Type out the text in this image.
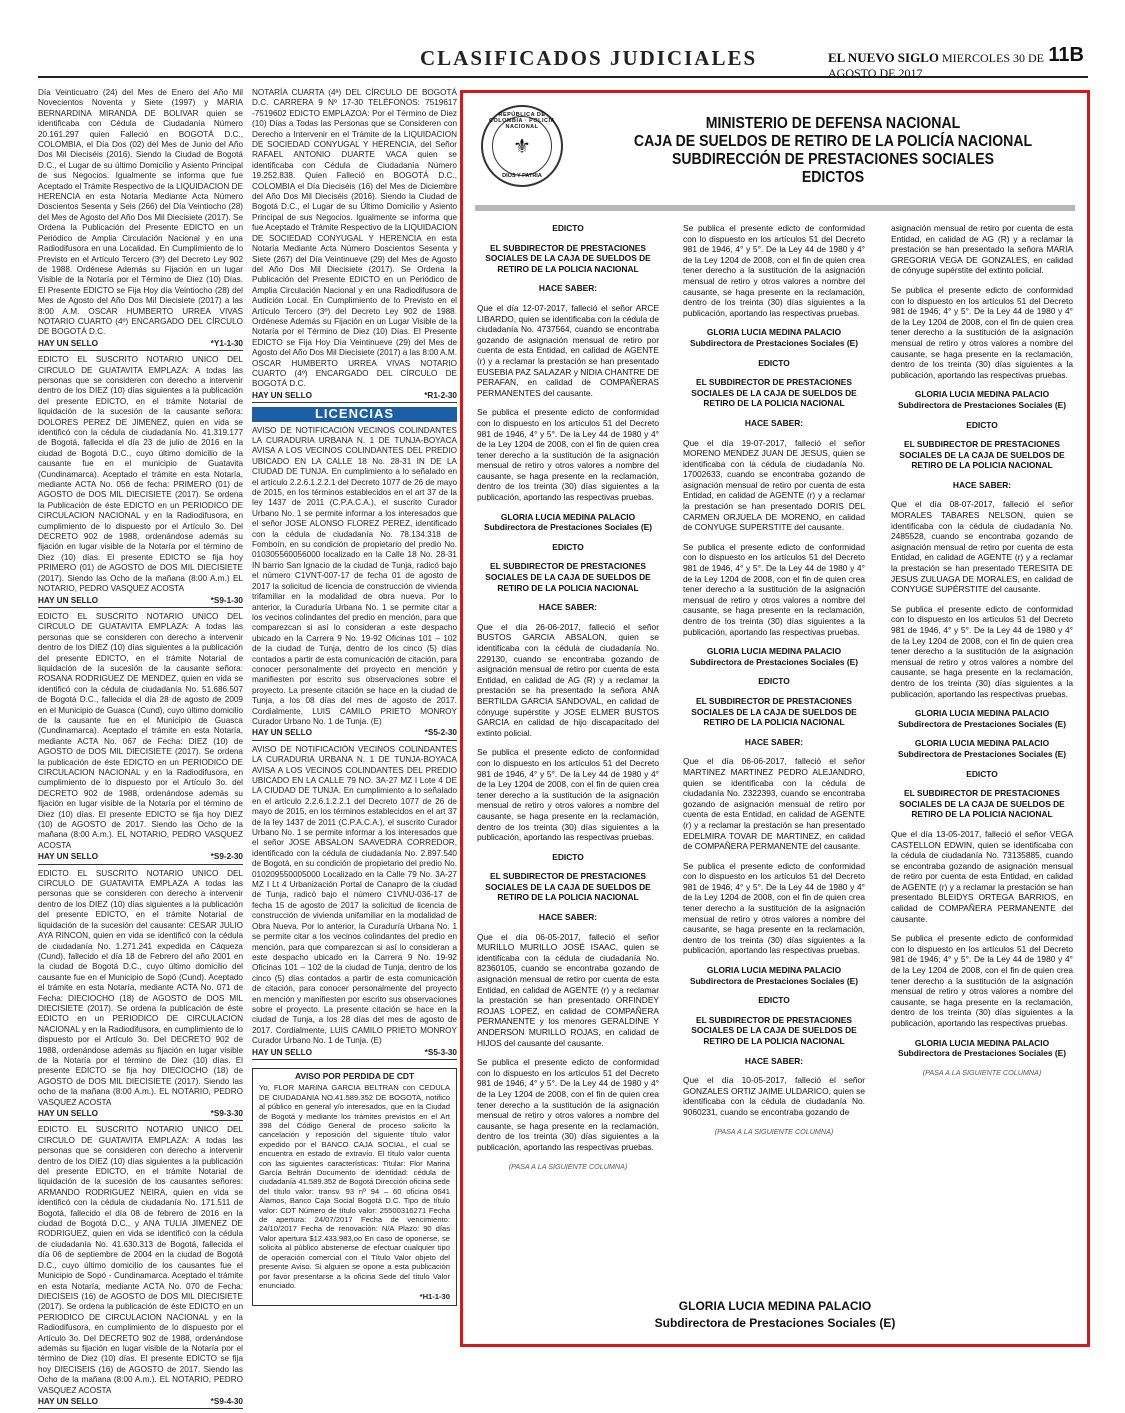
CLASIFICADOS JUDICIALES	EL NUEVO SIGLO MIERCOLES 30 DE AGOSTO DE 2017
11B
Día Veinticuatro (24) del Mes de Enero del Año Mil Novecientos Noventa y Siete (1997) y MARIA BERNARDINA MIRANDA DE BOLIVAR quien se identificaba con Cédula de Ciudadanía Número 20.161.297 quien Falleció en BOGOTÁ D.C., COLOMBIA, el Día Dos (02) del Mes de Junio del Año Dos Mil Dieciséis (2016). Siendo la Ciudad de Bogotá D.C., el Lugar de su último Domicilio y Asiento Principal de sus Negocios. Igualmente se informa que fue Aceptado el Trámite Respectivo de la LIQUIDACION DE HERENCIA en esta Notaría Mediante Acta Número Doscientos Sesenta y Seis (266) del Día Veintiocho (28) del Mes de Agosto del Año Dos Mil Diecisiete (2017). Se Ordena la Publicación del Presente EDICTO en un Periódico de Amplia Circulación Nacional y en una Radiodifusora en una Localidad. En Cumplimiento de lo Previsto en el Artículo Tercero (3º) del Decreto Ley 902 de 1988. Ordénese Además su Fijación en un lugar Visible de la Notaría por el Término de Diez (10) Días. El Presente EDICTO se Fija Hoy día Veintiocho (28) del Mes de Agosto del Año Dos Mil Diecisiete (2017) a las 8:00 A.M. OSCAR HUMBERTO URREA VIVAS NOTARIO CUARTO (4º) ENCARGADO DEL CÍRCULO DE BOGOTÁ D.C.
HAY UN SELLO	*Y1-1-30
EDICTO EL SUSCRITO NOTARIO UNICO DEL CIRCULO DE GUATAVITA EMPLAZA: A todas las personas que se consideren con derecho a intervenir dentro de los DIEZ (10) días siguientes a la publicación del presente EDICTO, en el trámite Notarial de liquidación de la sucesión de la causante señora: DOLORES PEREZ DE JIMENEZ, quien en vida se identificó con la cédula de ciudadanía No. 41.319.177 de Bogotá, fallecida el día 23 de julio de 2016 en la ciudad de Bogotá D.C., cuyo último domicilio de la causante fue en el municipio de Guatavita (Cundinamarca). Aceptado el trámite en esta Notaría, mediante ACTA No. 056 de fecha: PRIMERO (01) de AGOSTO de DOS MIL DIECISIETE (2017). Se ordena la Publicación de éste EDICTO en un PERIODICO DE CIRCULACION NACIONAL y en la Radiodifusora, en cumplimiento de lo dispuesto por el Artículo 3o. Del DECRETO 902 de 1988, ordenándose además su fijación en lugar visible de la Notaría por el término de Diez (10) días. El presente EDICTO se fija hoy PRIMERO (01) de AGOSTO de DOS MIL DIECISIETE (2017). Siendo las Ocho de la mañana (8:00 A.m.) EL NOTARIO, PEDRO VASQUEZ ACOSTA
HAY UN SELLO	*S9-1-30
EDICTO EL SUSCRITO NOTARIO UNICO DEL CIRCULO DE GUATAVITA EMPLAZA: A todas las personas que se consideren con derecho a intervenir dentro de los DIEZ (10) días siguientes a la publicación del presente EDICTO, en el trámite Notarial de liquidación de la sucesión de la causante señora: ROSANA RODRIGUEZ DE MENDEZ, quien en vida se identificó con la cédula de ciudadanía No. 51.686.507 de Bogotá D.C., fallecida el día 28 de agosto de 2009 en el Municipio de Guasca (Cund), cuyo último domicilio de la causante fue en el Municipio de Guasca (Cundinamarca). Aceptado el trámite en esta Notaría, mediante ACTA No. 067 de Fecha: DIEZ (10) de AGOSTO de DOS MIL DIECISIETE (2017). Se ordena la publicación de éste EDICTO en un PERIODICO DE CIRCULACION NACIONAL y en la Radiodifusora, en cumplimiento de lo dispuesto por el Artículo 3o. del DECRETO 902 de 1988, ordenándose además su fijación en lugar visible de la Notaría por el término de Diez (10) días. El presente EDICTO se fija hoy DIEZ (10) de AGOSTO de 2017. Siendo las Ocho de la mañana (8:00 A.m.). EL NOTARIO, PEDRO VASQUEZ ACOSTA
HAY UN SELLO	*S9-2-30
EDICTO EL SUSCRITO NOTARIO UNICO DEL CIRCULO DE GUATAVITA EMPLAZA A todas las personas que se consideren con derecho a intervenir dentro de los DIEZ (10) días siguientes a la publicación del presente EDICTO, en el trámite Notarial de liquidación de la sucesión del causante: CESAR JULIO AYA RINCON, quien en vida se identificó con la cédula de ciudadanía No. 1.271.241 expedida en Cáqueza (Cund), fallecido el día 18 de Febrero del año 2001 en la ciudad de Bogotá D.C., cuyo último domicilio del causante fue en el Municipio de Sopó (Cund). Aceptado el trámite en esta Notaría, mediante ACTA No. 071 de Fecha: DIECIOCHO (18) de AGOSTO de DOS MIL DIECISIETE (2017). Se ordena la publicación de éste EDICTO en un PERIODICO DE CIRCULACION NACIONAL y en la Radiodifusora, en cumplimiento de lo dispuesto por el Artículo 3o. Del DECRETO 902 de 1988, ordenándose además su fijación en lugar visible de la Notaría por el término de Diez (10) días. El presente EDICTO se fija hoy DIECIOCHO (18) de AGOSTO de DOS MIL DIECISIETE (2017). Siendo las ocho de la mañana (8:00 A.m.). EL NOTARIO, PEDRO VASQUEZ ACOSTA
HAY UN SELLO	*S9-3-30
EDICTO EL SUSCRITO NOTARIO UNICO DEL CIRCULO DE GUATAVITA EMPLAZA: A todas las personas que se consideren con derecho a intervenir dentro de los DIEZ (10) días siguientes a la publicación del presente EDICTO, en el trámite Notarial de liquidación de la sucesión de los causantes señores: ARMANDO RODRIGUEZ NEIRA, quien en vida se identificó con la cédula de ciudadanía No. 171.511 de Bogotá, fallecido el día 08 de febrero de 2016 en la ciudad de Bogotá D.C., y ANA TULIA JIMENEZ DE RODRIGUEZ, quien en vida se identificó con la cédula de ciudadanía No. 41.630.313 de Bogotá, fallecida el día 06 de septiembre de 2004 en la ciudad de Bogotá D.C., cuyo último domicilio de los causantes fue el Municipio de Sopó - Cundinamarca. Aceptado el trámite en esta Notaría, mediante ACTA No. 070 de Fecha: DIECISEIS (16) de AGOSTO de DOS MIL DIECISIETE (2017). Se ordena la publicación de éste EDICTO en un PERIODICO DE CIRCULACION NACIONAL y en la Radiodifusora, en cumplimiento de lo dispuesto por el Artículo 3o. Del DECRETO 902 de 1988, ordenándose además su fijación en lugar visible de la Notaría por el término de Diez (10) días. El presente EDICTO se fija hoy DIECISEIS (16) de AGOSTO de 2017. Siendo las Ocho de la mañana (8:00 A.m.). EL NOTARIO, PEDRO VASQUEZ ACOSTA
HAY UN SELLO	*S9-4-30
NOTARÍA CUARTA (4ª) DEL CÍRCULO DE BOGOTÁ D.C. CARRERA 9 Nº 17-30 TELÉFONOS: 7519617 -7519602 EDICTO EMPLAZOA: Por el Término de Diez (10) Días a Todas las Personas que se Consideren con Derecho a Intervenir en el Trámite de la LIQUIDACION DE SOCIEDAD CONYUGAL Y HERENCIA, del Señor RAFAEL ANTONIO DUARTE VACA quien se identificaba con Cédula de Ciudadanía Número 19.252.838. Quien Falleció en BOGOTÁ D.C., COLOMBIA el Día Dieciséis (16) del Mes de Diciembre del Año Dos Mil Dieciséis (2016). Siendo la Ciudad de Bogotá D.C., el Lugar de su Último Domicilio y Asiento Principal de sus Negocios. Igualmente se informa que fue Aceptado el Trámite Respectivo de la LIQUIDACION DE SOCIEDAD CONYUGAL Y HERENCIA en esta Notaría Mediante Acta Número Doscientos Sesenta y Siete (267) del Día Veintinueve (29) del Mes de Agosto del Año Dos Mil Diecisiete (2017). Se Ordena la Publicación del Presente EDICTO en un Periódico de Amplia Circulación Nacional y en una Radiodifusora de Audición Local. En Cumplimiento de lo Previsto en el Artículo Tercero (3º) del Decreto Ley 902 de 1988. Ordénese Además su Fijación en un Lugar Visible de la Notaría por el Término de Diez (10) Días. El Presente EDICTO se Fija Hoy Día Veintinueve (29) del Mes de Agosto del Año Dos Mil Diecisiete (2017) a las 8:00 A.M. OSCAR HUMBERTO URREA VIVAS NOTARIO CUARTO (4º) ENCARGADO DEL CÍRCULO DE BOGOTÁ D.C.
HAY UN SELLO	*R1-2-30
LICENCIAS
AVISO DE NOTIFICACIÓN VECINOS COLINDANTES LA CURADURIA URBANA N. 1 DE TUNJA-BOYACA AVISA A LOS VECINOS COLINDANTES DEL PREDIO UBICADO EN LA CALLE 18 No. 28-31 IN DE LA CIUDAD DE TUNJA. En cumplimiento a lo señalado en el artículo 2.2.6.1.2.2.1 del Decreto 1077 de 26 de mayo de 2015, en los términos establecidos en el art 37 de la ley 1437 de 2011 (C.P.A.C.A.), el suscrito Curador Urbano No. 1 se permite informar a los interesados que el señor JOSE ALONSO FLOREZ PEREZ, identificado con la cédula de ciudadanía No. 78.134.318 de Fomboín, en su condición de propietario del predio No. 010305560056000 localizado en la Calle 18 No. 28-31 IN barrio San Ignacio de la ciudad de Tunja, radicó bajo el número C1VNT-007-17 de fecha 01 de agosto de 2017 la solicitud de licencia de construcción de vivienda trifamiliar en la modalidad de obra nueva. Por lo anterior, la Curaduría Urbana No. 1 se permite citar a los vecinos colindantes del predio en mención, para que comparezcan si así lo consideran a este despacho ubicado en la Carrera 9 No. 19-92 Oficinas 101 – 102 de la ciudad de Tunja, dentro de los cinco (5) días contados a partir de esta comunicación de citación, para conocer personalmente del proyecto en mención y manifiesten por escrito sus observaciones sobre el proyecto. La presente citación se hace en la ciudad de Tunja, a los 08 días del mes de agosto de 2017. Cordialmente, LUIS CAMILO PRIETO MONROY Curador Urbano No. 1 de Tunja. (E)
HAY UN SELLO	*S5-2-30
AVISO DE NOTIFICACIÓN VECINOS COLINDANTES LA CURADURIA URBANA N. 1 DE TUNJA-BOYACA AVISA A LOS VECINOS COLINDANTES DEL PREDIO UBICADO EN LA CALLE 79 NO. 3A-27 MZ I Lote 4 DE LA CIUDAD DE TUNJA. En cumplimiento a lo señalado en el artículo 2.2.6.1.2.2.1 del Decreto 1077 de 26 de mayo de 2015, en los términos establecidos en el art 37 de la ley 1437 de 2011 (C.P.A.C.A.), el suscrito Curador Urbano No. 1 se permite informar a los interesados que el señor JOSE ABSALON SAAVEDRA CORREDOR, identificado con la cédula de ciudadanía No. 2.897.540 de Bogotá, en su condición de propietario del predio No. 010209550005000 Localizado en la Calle 79 No. 3A-27 MZ I Lt 4 Urbanización Portal de Canapro de la ciudad de Tunja, radicó bajo el número C1VNU-036-17 de fecha 15 de agosto de 2017 la solicitud de licencia de construcción de vivienda unifamiliar en la modalidad de Obra Nueva. Por lo anterior, la Curaduría Urbana No. 1 se permite citar a los vecinos colindantes del predio en mención, para que comparezcan si así lo consideran a este despacho ubicado en la Carrera 9 No. 19-92 Oficinas 101 – 102 de la ciudad de Tunja, dentro de los cinco (5) días contados a partir de esta comunicación de citación, para conocer personalmente del proyecto en mención y manifiesten por escrito sus observaciones sobre el proyecto. La presente citación se hace en la ciudad de Tunja, a los 28 días del mes de agosto de 2017. Cordialmente, LUIS CAMILO PRIETO MONROY Curador Urbano No. 1 de Tunja. (E)
HAY UN SELLO	*S5-3-30
AVISO POR PERDIDA DE CDT
Yo, FLOR MARINA GARCIA BELTRAN con CEDULA DE CIUDADANIA NO.41.589.352 DE BOGOTA, notifico al público en general y/o interesados, que en la Ciudad de Bogotá y mediante los trámites previstos en el Art 398 del Código General de proceso solicito la cancelación y reposición del siguiente título valor expedido por el BANCO CAJA SOCIAL, el cual se encuentra en estado de extravío. El título valor cuenta con las siguientes características: Titular: Flor Marina García Beltrán Documento de identidad: cédula de ciudadanía 41.589.352 de Bogotá Dirección oficina sede del título valor: transv. 93 nº 94 – 60 oficina 0641 Álamos, Banco Caja Social Bogotá D.C. Tipo de título valor: CDT Número de título valor: 25500316271 Fecha de apertura: 24/07/2017 Fecha de vencimiento: 24/10/2017 Fecha de renovación: N/A Plazo: 90 días Valor apertura $12.433.983,oo En caso de oponerse, se solicita al público abstenerse de efectuar cualquier tipo de operación comercial con el Título Valor objeto del presente Aviso. Si alguien se opone a esta publicación por favor presentarse a la oficina Sede del título Valor enunciado.
*H1-1-30
REPÚBLICA DE COLOMBIA · POLICÍA NACIONAL
⚜
DIOS Y PATRIA
MINISTERIO DE DEFENSA NACIONAL
CAJA DE SUELDOS DE RETIRO DE LA POLICÍA NACIONAL
SUBDIRECCIÓN DE PRESTACIONES SOCIALES
EDICTOS
EDICTO
EL SUBDIRECTOR DE PRESTACIONES SOCIALES DE LA CAJA DE SUELDOS DE RETIRO DE LA POLICIA NACIONAL
HACE SABER:

Que el día 12-07-2017, falleció el señor ARCE LIBARDO, quien se identificaba con la cédula de ciudadanía No. 4737564, cuando se encontraba gozando de asignación mensual de retiro por cuenta de esta Entidad, en calidad de AGENTE (r) y a reclamar la prestación se han presentado EUSEBIA PAZ SALAZAR y NIDIA CHANTRE DE PERAFAN, en calidad de COMPAÑERAS PERMANENTES del causante.

Se publica el presente edicto de conformidad con lo dispuesto en los artículos 51 del Decreto 981 de 1946, 4° y 5°. De la Ley 44 de 1980 y 4° de la Ley 1204 de 2008, con el fin de quien crea tener derecho a la sustitución de la asignación mensual de retiro y otros valores a nombre del causante, se haga presente en la reclamación, dentro de los treinta (30) días siguientes a la publicación, aportando las respectivas pruebas.

GLORIA LUCIA MEDINA PALACIO
Subdirectora de Prestaciones Sociales (E)
EDICTO
EL SUBDIRECTOR DE PRESTACIONES SOCIALES DE LA CAJA DE SUELDOS DE RETIRO DE LA POLICIA NACIONAL
HACE SABER:

Que el día 26-06-2017, falleció el señor BUSTOS GARCIA ABSALON, quien se identificaba con la cédula de ciudadanía No. 229130, cuando se encontraba gozando de asignación mensual de retiro por cuenta de esta Entidad, en calidad de AG (R) y a reclamar la prestación se ha presentado la señora ANA BERTILDA GARCIA SANDOVAL, en calidad de cónyuge supérstite y JOSE ELMER BUSTOS GARCIA en calidad de hijo discapacitado del extinto policial.

Se publica el presente edicto de conformidad con lo dispuesto en los artículos 51 del Decreto 981 de 1946, 4° y 5°. De la Ley 44 de 1980 y 4° de la Ley 1204 de 2008, con el fin de quien crea tener derecho a la sustitución de la asignación mensual de retiro y otros valores a nombre del causante, se haga presente en la reclamación, dentro de los treinta (30) días siguientes a la publicación, aportando las respectivas pruebas.

EDICTO
EL SUBDIRECTOR DE PRESTACIONES SOCIALES DE LA CAJA DE SUELDOS DE RETIRO DE LA POLICIA NACIONAL
HACE SABER:

Que el día 06-05-2017, falleció el señor MURILLO MURILLO JOSÉ ISAAC, quien se identificaba con la cédula de ciudadanía No. 82360105, cuando se encontraba gozando de asignación mensual de retiro por cuenta de esta Entidad, en calidad de AGENTE (r) y a reclamar la prestación se han presentado ORFINDEY ROJAS LOPEZ, en calidad de COMPAÑERA PERMANENTE y los menores GERALDINE Y ANDERSON MURILLO ROJAS, en calidad de HIJOS del causante del causante.

Se publica el presente edicto de conformidad con lo dispuesto en los artículos 51 del Decreto 981 de 1946, 4° y 5°. De la Ley 44 de 1980 y 4° de la Ley 1204 de 2008, con el fin de quien crea tener derecho a la sustitución de la asignación mensual de retiro y otros valores a nombre del causante, se haga presente en la reclamación, dentro de los treinta (30) días siguientes a la publicación, aportando las respectivas pruebas.

(PASA A LA SIGUIENTE COLUMNA)

Se publica el presente edicto de conformidad con lo dispuesto en los artículos 51 del Decreto 981 de 1946, 4° y 5°. De la Ley 44 de 1980 y 4° de la Ley 1204 de 2008, con el fin de quien crea tener derecho a la sustitución de la asignación mensual de retiro y otros valores a nombre del causante, se haga presente en la reclamación, dentro de los treinta (30) días siguientes a la publicación, aportando las respectivas pruebas.

GLORIA LUCIA MEDINA PALACIO
Subdirectora de Prestaciones Sociales (E)
EDICTO
EL SUBDIRECTOR DE PRESTACIONES SOCIALES DE LA CAJA DE SUELDOS DE RETIRO DE LA POLICIA NACIONAL
HACE SABER:

Que el día 19-07-2017, falleció el señor MORENO MENDEZ JUAN DE JESUS, quien se identificaba con la cédula de ciudadanía No. 17002633, cuando se encontraba gozando de asignación mensual de retiro por cuenta de esta Entidad, en calidad de AGENTE (r) y a reclamar la prestación se han presentado DORIS DEL CARMEN ORJUELA DE MORENO, en calidad de CONYUGE SUPERSTITE del causante.

Se publica el presente edicto de conformidad con lo dispuesto en los artículos 51 del Decreto 981 de 1946, 4° y 5°. De la Ley 44 de 1980 y 4° de la Ley 1204 de 2008, con el fin de quien crea tener derecho a la sustitución de la asignación mensual de retiro y otros valores a nombre del causante, se haga presente en la reclamación, dentro de los treinta (30) días siguientes a la publicación, aportando las respectivas pruebas.

GLORIA LUCIA MEDINA PALACIO
Subdirectora de Prestaciones Sociales (E)
EDICTO
EL SUBDIRECTOR DE PRESTACIONES SOCIALES DE LA CAJA DE SUELDOS DE RETIRO DE LA POLICIA NACIONAL
HACE SABER:

Que el día 06-06-2017, falleció el señor MARTINEZ MARTINEZ PEDRO ALEJANDRO, quien se identificaba con la cédula de ciudadanía No. 2322393, cuando se encontraba gozando de asignación mensual de retiro por cuenta de esta Entidad, en calidad de AGENTE (r) y a reclamar la prestación se han presentado EDELMIRA TOVAR DE MARTINEZ, en calidad de COMPAÑERA PERMANENTE del causante.

Se publica el presente edicto de conformidad con lo dispuesto en los artículos 51 del Decreto 981 de 1946, 4° y 5°. De la Ley 44 de 1980 y 4° de la Ley 1204 de 2008, con el fin de quien crea tener derecho a la sustitución de la asignación mensual de retiro y otros valores a nombre del causante, se haga presente en la reclamación, dentro de los treinta (30) días siguientes a la publicación, aportando las respectivas pruebas.

GLORIA LUCIA MEDINA PALACIO
Subdirectora de Prestaciones Sociales (E)
EDICTO
EL SUBDIRECTOR DE PRESTACIONES SOCIALES DE LA CAJA DE SUELDOS DE RETIRO DE LA POLICIA NACIONAL
HACE SABER:

Que el día 10-05-2017, falleció el señor GONZALES ORTIZ JAIME ULDARICO, quien se identificaba con la cédula de ciudadanía No. 9060231, cuando se encontraba gozando de

(PASA A LA SIGUIENTE COLUMNA)

asignación mensual de retiro por cuenta de esta Entidad, en calidad de AG (R) y a reclamar la prestación se han presentado la señora MARIA GREGORIA VEGA DE GONZALES, en calidad de cónyuge supérstite del extinto policial.

Se publica el presente edicto de conformidad con lo dispuesto en los artículos 51 del Decreto 981 de 1946, 4° y 5°. De la Ley 44 de 1980 y 4° de la Ley 1204 de 2008, con el fin de quien crea tener derecho a la sustitución de la asignación mensual de retiro y otros valores a nombre del causante, se haga presente en la reclamación, dentro de los treinta (30) días siguientes a la publicación, aportando las respectivas pruebas.

GLORIA LUCIA MEDINA PALACIO
Subdirectora de Prestaciones Sociales (E)
EDICTO
EL SUBDIRECTOR DE PRESTACIONES SOCIALES DE LA CAJA DE SUELDOS DE RETIRO DE LA POLICIA NACIONAL
HACE SABER:

Que el día 08-07-2017, falleció el señor MORALES TABARES NELSON, quien se identificaba con la cédula de ciudadanía No. 2485528, cuando se encontraba gozando de asignación mensual de retiro por cuenta de esta Entidad, en calidad de AGENTE (r) y a reclamar la prestación se han presentado TERESITA DE JESUS ZULUAGA DE MORALES, en calidad de CONYUGE SUPÉRSTITE del causante.

Se publica el presente edicto de conformidad con lo dispuesto en los artículos 51 del Decreto 981 de 1946, 4° y 5°. De la Ley 44 de 1980 y 4° de la Ley 1204 de 2008, con el fin de quien crea tener derecho a la sustitución de la asignación mensual de retiro y otros valores a nombre del causante, se haga presente en la reclamación, dentro de los treinta (30) días siguientes a la publicación, aportando las respectivas pruebas.

GLORIA LUCIA MEDINA PALACIO
Subdirectora de Prestaciones Sociales (E)
GLORIA LUCIA MEDINA PALACIO
Subdirectora de Prestaciones Sociales (E)
EDICTO
EL SUBDIRECTOR DE PRESTACIONES SOCIALES DE LA CAJA DE SUELDOS DE RETIRO DE LA POLICIA NACIONAL

Que el día 13-05-2017, falleció el señor VEGA CASTELLON EDWIN, quien se identificaba con la cédula de ciudadanía No. 73135885, cuando se encontraba gozando de asignación mensual de retiro por cuenta de esta Entidad, en calidad de AGENTE (r) y a reclamar la prestación se han presentado BLEIDYS ORTEGA BARRIOS, en calidad de COMPAÑERA PERMANENTE del causante.

Se publica el presente edicto de conformidad con lo dispuesto en los artículos 51 del Decreto 981 de 1946, 4° y 5°. De la Ley 44 de 1980 y 4° de la Ley 1204 de 2008, con el fin de quien crea tener derecho a la sustitución de la asignación mensual de retiro y otros valores a nombre del causante, se haga presente en la reclamación, dentro de los treinta (30) días siguientes a la publicación, aportando las respectivas pruebas.

GLORIA LUCIA MEDINA PALACIO
Subdirectora de Prestaciones Sociales (E)
(PASA A LA SIGUIENTE COLUMNA)
GLORIA LUCIA MEDINA PALACIO
Subdirectora de Prestaciones Sociales (E)
